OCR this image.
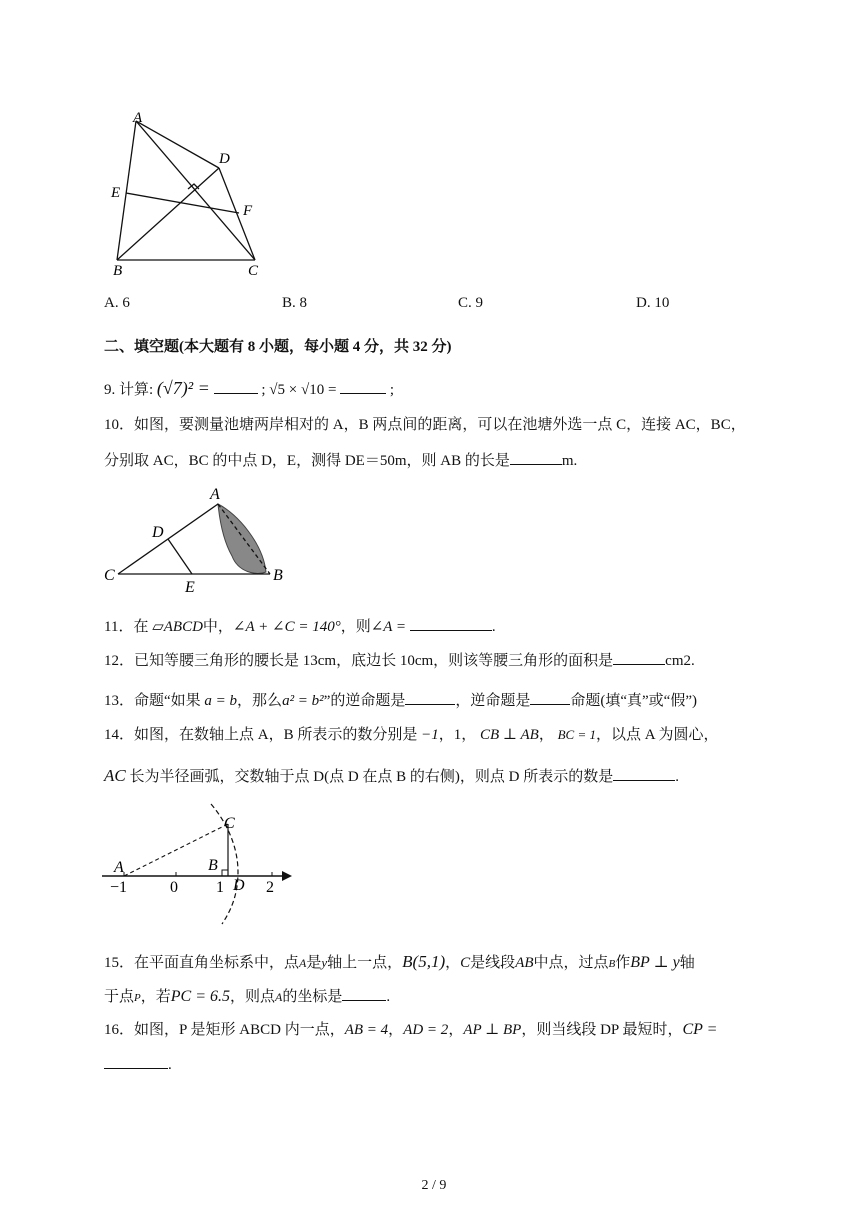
A
D
E
F
B	C
A. 6	B. 8	C. 9	D. 10
二、填空题(本大题有 8 小题，每小题 4 分，共 32 分)
9. 计算: (√7)² =	; √5 × √10 =	;
10．如图，要测量池塘两岸相对的 A，B 两点间的距离，可以在池塘外选一点 C，连接 AC，BC，
分别取 AC，BC 的中点 D，E，测得 DE＝50m，则 AB 的长是	m.
A
D
C
E
B
11．在 ▱ABCD中，∠A + ∠C = 140°，则∠A =	.
12．已知等腰三角形的腰长是 13cm，底边长 10cm，则该等腰三角形的面积是	cm2.
13．命题“如果 a = b，那么a² = b²”的逆命题是	，逆命题是	命题(填“真”或“假”)
14．如图，在数轴上点 A，B 所表示的数分别是 −1，1， CB ⊥ AB， BC = 1，以点 A 为圆心，
AC 长为半径画弧，交数轴于点 D(点 D 在点 B 的右侧)，则点 D 所表示的数是	.
A	B
C
D
−1	0 1	2
15．在平面直角坐标系中，点A是y轴上一点，B(5,1)，C是线段AB中点，过点B作BP ⊥ y轴
于点P，若PC = 6.5，则点A的坐标是	.
16．如图，P 是矩形 ABCD 内一点，AB = 4，AD = 2，AP ⊥ BP，则当线段 DP 最短时，CP =
.
2 / 9
